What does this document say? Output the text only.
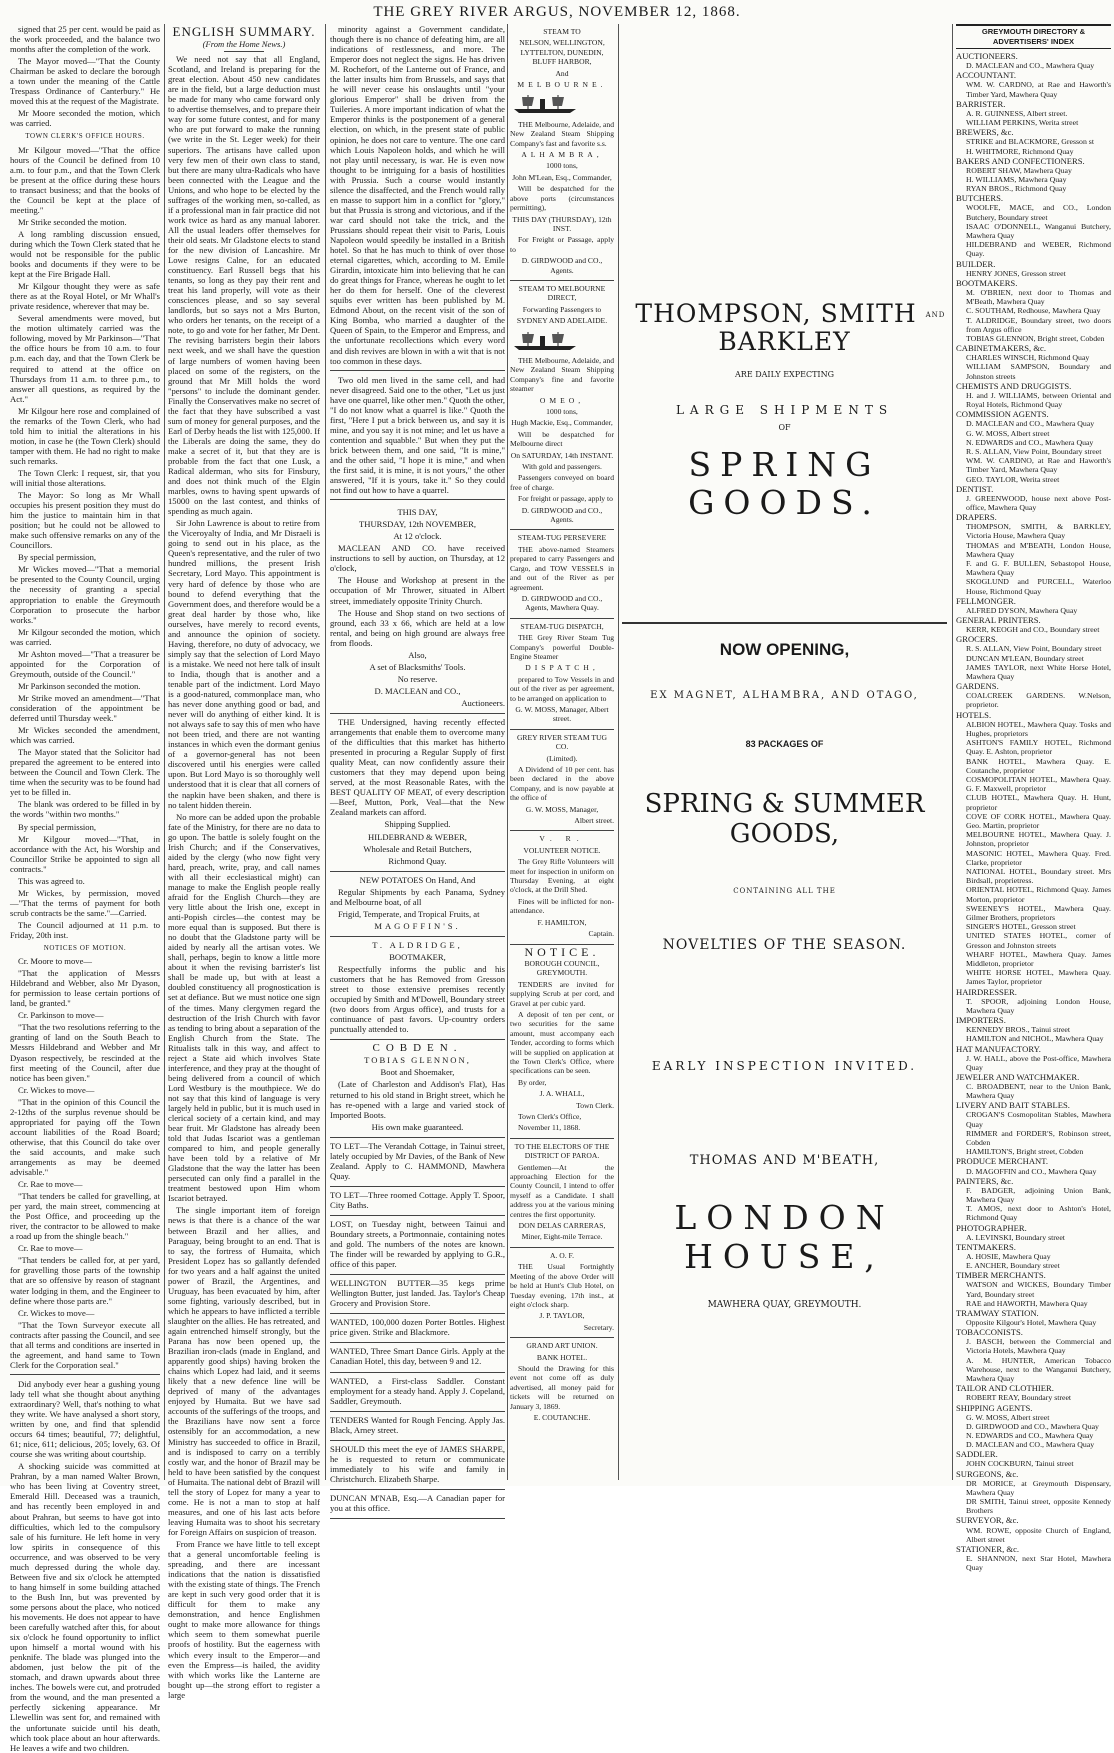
THE GREY RIVER ARGUS, NOVEMBER 12, 1868.

signed that 25 per cent. would be paid as the work proceeded, and the balance two months after the completion of the work.

The Mayor moved—"That the County Chairman be asked to declare the borough a town under the meaning of the Cattle Trespass Ordinance of Canterbury." He moved this at the request of the Magistrate.

Mr Moore seconded the motion, which was carried.

TOWN CLERK'S OFFICE HOURS.

Mr Kilgour moved—"That the office hours of the Council be defined from 10 a.m. to four p.m., and that the Town Clerk be present at the office during these hours to transact business; and that the books of the Council be kept at the place of meeting."

Mr Strike seconded the motion.

A long rambling discussion ensued, during which the Town Clerk stated that he would not be responsible for the public books and documents if they were to be kept at the Fire Brigade Hall.

Mr Kilgour thought they were as safe there as at the Royal Hotel, or Mr Whall's private residence, wherever that may be.

Several amendments were moved, but the motion ultimately carried was the following, moved by Mr Parkinson—"That the office hours be from 10 a.m. to four p.m. each day, and that the Town Clerk be required to attend at the office on Thursdays from 11 a.m. to three p.m., to answer all questions, as required by the Act."

Mr Kilgour here rose and complained of the remarks of the Town Clerk, who had told him to initial the alterations in his motion, in case he (the Town Clerk) should tamper with them. He had no right to make such remarks.

The Town Clerk: I request, sir, that you will initial those alterations.

The Mayor: So long as Mr Whall occupies his present position they must do him the justice to maintain him in that position; but he could not be allowed to make such offensive remarks on any of the Councillors.

By special permission,

Mr Wickes moved—"That a memorial be presented to the County Council, urging the necessity of granting a special appropriation to enable the Greymouth Corporation to prosecute the harbor works."

Mr Kilgour seconded the motion, which was carried.

Mr Ashton moved—"That a treasurer be appointed for the Corporation of Greymouth, outside of the Council."

Mr Parkinson seconded the motion.

Mr Strike moved an amendment—"That consideration of the appointment be deferred until Thursday week."

Mr Wickes seconded the amendment, which was carried.

The Mayor stated that the Solicitor had prepared the agreement to be entered into between the Council and Town Clerk. The time when the security was to be found had yet to be filled in.

The blank was ordered to be filled in by the words "within two months."

By special permission,

Mr Kilgour moved—"That, in accordance with the Act, his Worship and Councillor Strike be appointed to sign all contracts."

This was agreed to.

Mr Wickes, by permission, moved—"That the terms of payment for both scrub contracts be the same."—Carried.

The Council adjourned at 11 p.m. to Friday, 20th inst.

NOTICES OF MOTION.

Cr. Moore to move—

"That the application of Messrs Hildebrand and Webber, also Mr Dyason, for permission to lease certain portions of land, be granted."

Cr. Parkinson to move—

"That the two resolutions referring to the granting of land on the South Beach to Messrs Hildebrand and Webber and Mr Dyason respectively, be rescinded at the first meeting of the Council, after due notice has been given."

Cr. Wickes to move—

"That in the opinion of this Council the 2-12ths of the surplus revenue should be appropriated for paying off the Town account liabilities of the Road Board; otherwise, that this Council do take over the said accounts, and make such arrangements as may be deemed advisable."

Cr. Rae to move—

"That tenders be called for gravelling, at per yard, the main street, commencing at the Post Office, and proceeding up the river, the contractor to be allowed to make a road up from the shingle beach."

Cr. Rae to move—

"That tenders be called for, at per yard, for gravelling those parts of the township that are so offensive by reason of stagnant water lodging in them, and the Engineer to define where those parts are."

Cr. Wickes to move—

"That the Town Surveyor execute all contracts after passing the Council, and see that all terms and conditions are inserted in the agreement, and hand same to Town Clerk for the Corporation seal."

Did anybody ever hear a gushing young lady tell what she thought about anything extraordinary? Well, that's nothing to what they write. We have analysed a short story, written by one, and find that splendid occurs 64 times; beautiful, 77; delightful, 61; nice, 611; delicious, 205; lovely, 63. Of course she was writing about courtship.

A shocking suicide was committed at Prahran, by a man named Walter Brown, who has been living at Coventry street, Emerald Hill. Deceased was a traunich, and has recently been employed in and about Prahran, but seems to have got into difficulties, which led to the compulsory sale of his furniture. He left home in very low spirits in consequence of this occurrence, and was observed to be very much depressed during the whole day. Between five and six o'clock he attempted to hang himself in some building attached to the Bush Inn, but was prevented by some persons about the place, who noticed his movements. He does not appear to have been carefully watched after this, for about six o'clock he found opportunity to inflict upon himself a mortal wound with his penknife. The blade was plunged into the abdomen, just below the pit of the stomach, and drawn upwards about three inches. The bowels were cut, and protruded from the wound, and the man presented a perfectly sickening appearance. Mr Llewellin was sent for, and remained with the unfortunate suicide until his death, which took place about an hour afterwards. He leaves a wife and two children.

ENGLISH SUMMARY.

(From the Home News.)

We need not say that all England, Scotland, and Ireland is preparing for the great election. About 450 new candidates are in the field, but a large deduction must be made for many who came forward only to advertise themselves, and to prepare their way for some future contest, and for many who are put forward to make the running (we write in the St. Leger week) for their superiors. The artisans have called upon very few men of their own class to stand, but there are many ultra-Radicals who have been connected with the League and the Unions, and who hope to be elected by the suffrages of the working men, so-called, as if a professional man in fair practice did not work twice as hard as any manual laborer. All the usual leaders offer themselves for their old seats. Mr Gladstone elects to stand for the new division of Lancashire. Mr Lowe resigns Calne, for an educated constituency. Earl Russell begs that his tenants, so long as they pay their rent and treat his land properly, will vote as their consciences please, and so say several landlords, but so says not a Mrs Burton, who orders her tenants, on the receipt of a note, to go and vote for her father, Mr Dent. The revising barristers begin their labors next week, and we shall have the question of large numbers of women having been placed on some of the registers, on the ground that Mr Mill holds the word "persons" to include the dominant gender. Finally the Conservatives make no secret of the fact that they have subscribed a vast sum of money for general purposes, and the Earl of Derby heads the list with 125,000. If the Liberals are doing the same, they do make a secret of it, but that they are is probable from the fact that one Lusk, a Radical alderman, who sits for Finsbury, and does not think much of the Elgin marbles, owns to having spent upwards of 15000 on the last contest, and thinks of spending as much again.

Sir John Lawrence is about to retire from the Viceroyalty of India, and Mr Disraeli is going to send out in his place, as the Queen's representative, and the ruler of two hundred millions, the present Irish Secretary, Lord Mayo. This appointment is very hard of defence by those who are bound to defend everything that the Government does, and therefore would be a great deal harder by those who, like ourselves, have merely to record events, and announce the opinion of society. Having, therefore, no duty of advocacy, we simply say that the selection of Lord Mayo is a mistake. We need not here talk of insult to India, though that is another and a tenable part of the indictment. Lord Mayo is a good-natured, commonplace man, who has never done anything good or bad, and never will do anything of either kind. It is not always safe to say this of men who have not been tried, and there are not wanting instances in which even the dormant genius of a governor-general has not been discovered until his energies were called upon. But Lord Mayo is so thoroughly well understood that it is clear that all corners of the napkin have been shaken, and there is no talent hidden therein.

No more can be added upon the probable fate of the Ministry, for there are no data to go upon. The battle is solely fought on the Irish Church; and if the Conservatives, aided by the clergy (who now fight very hard, preach, write, pray, and call names with all their ecclesiastical might) can manage to make the English people really afraid for the English Church—they are very little about the Irish one, except in anti-Popish circles—the contest may be more equal than is supposed. But there is no doubt that the Gladstone party will be aided by nearly all the artisan votes. We shall, perhaps, begin to know a little more about it when the revising barrister's list shall be made up, but with at least a doubled constituency all prognostication is set at defiance. But we must notice one sign of the times. Many clergymen regard the destruction of the Irish Church with favor as tending to bring about a separation of the English Church from the State. The Ritualists talk in this way, and affect to reject a State aid which involves State interference, and they pray at the thought of being delivered from a council of which Lord Westbury is the mouthpiece. We do not say that this kind of language is very largely held in public, but it is much used in clerical society of a certain kind, and may bear fruit. Mr Gladstone has already been told that Judas Iscariot was a gentleman compared to him, and people generally have been told by a relative of Mr Gladstone that the way the latter has been persecuted can only find a parallel in the treatment bestowed upon Him whom Iscariot betrayed.

The single important item of foreign news is that there is a chance of the war between Brazil and her allies, and Paraguay, being brought to an end. That is to say, the fortress of Humaita, which President Lopez has so gallantly defended for two years and a half against the united power of Brazil, the Argentines, and Uruguay, has been evacuated by him, after some fighting, variously described, but in which he appears to have inflicted a terrible slaughter on the allies. He has retreated, and again entrenched himself strongly, but the Parana has now been opened up, the Brazilian iron-clads (made in England, and apparently good ships) having broken the chains which Lopez had laid, and it seems likely that a new defence line will be deprived of many of the advantages enjoyed by Humaita. But we have sad accounts of the sufferings of the troops, and the Brazilians have now sent a force ostensibly for an accommodation, a new Ministry has succeeded to office in Brazil, and is indisposed to carry on a terribly costly war, and the honor of Brazil may be held to have been satisfied by the conquest of Humaita. The national debt of Brazil will tell the story of Lopez for many a year to come. He is not a man to stop at half measures, and one of his last acts before leaving Humaita was to shoot his secretary for Foreign Affairs on suspicion of treason.

From France we have little to tell except that a general uncomfortable feeling is spreading, and there are incessant indications that the nation is dissatisfied with the existing state of things. The French are kept in such very good order that it is difficult for them to make any demonstration, and hence Englishmen ought to make more allowance for things which seem to them somewhat puerile proofs of hostility. But the eagerness with which every insult to the Emperor—and even the Empress—is hailed, the avidity with which works like the Lanterne are bought up—the strong effort to register a large

minority against a Government candidate, though there is no chance of defeating him, are all indications of restlessness, and more. The Emperor does not neglect the signs. He has driven M. Rochefort, of the Lanterne out of France, and the latter insults him from Brussels, and says that he will never cease his onslaughts until "your glorious Emperor" shall be driven from the Tuileries. A more important indication of what the Emperor thinks is the postponement of a general election, on which, in the present state of public opinion, he does not care to venture. The one card which Louis Napoleon holds, and which he will not play until necessary, is war. He is even now thought to be intriguing for a basis of hostilities with Prussia. Such a course would instantly silence the disaffected, and the French would rally en masse to support him in a conflict for "glory," but that Prussia is strong and victorious, and if the war card should not take the trick, and the Prussians should repeat their visit to Paris, Louis Napoleon would speedily be installed in a British hotel. So that he has much to think of over those eternal cigarettes, which, according to M. Emile Girardin, intoxicate him into believing that he can do great things for France, whereas he ought to let her do them for herself. One of the cleverest squibs ever written has been published by M. Edmond About, on the recent visit of the son of King Bomba, who married a daughter of the Queen of Spain, to the Emperor and Empress, and the unfortunate recollections which every word and dish revives are blown in with a wit that is not too common in these days.

Two old men lived in the same cell, and had never disagreed. Said one to the other, "Let us just have one quarrel, like other men." Quoth the other, "I do not know what a quarrel is like." Quoth the first, "Here I put a brick between us, and say it is mine, and you say it is not mine; and let us have a contention and squabble." But when they put the brick between them, and one said, "It is mine," and the other said, "I hope it is mine," and when the first said, it is mine, it is not yours," the other answered, "If it is yours, take it." So they could not find out how to have a quarrel.

THIS DAY,

THURSDAY, 12th NOVEMBER,

At 12 o'clock.

MACLEAN AND CO. have received instructions to sell by auction, on Thursday, at 12 o'clock,

The House and Workshop at present in the occupation of Mr Thrower, situated in Albert street, immediately opposite Trinity Church.

The House and Shop stand on two sections of ground, each 33 x 66, which are held at a low rental, and being on high ground are always free from floods.

Also,

A set of Blacksmiths' Tools.

No reserve.

D. MACLEAN and CO.,

Auctioneers.

THE Undersigned, having recently effected arrangements that enable them to overcome many of the difficulties that this market has hitherto presented in procuring a Regular Supply of first quality Meat, can now confidently assure their customers that they may depend upon being served, at the most Reasonable Rates, with the BEST QUALITY OF MEAT, of every description—Beef, Mutton, Pork, Veal—that the New Zealand markets can afford.

Shipping Supplied.

HILDEBRAND & WEBER,

Wholesale and Retail Butchers,

Richmond Quay.

NEW POTATOES On Hand, And

Regular Shipments by each Panama, Sydney and Melbourne boat, of all

Frigid, Temperate, and Tropical Fruits, at

MAGOFFIN'S.

T. ALDRIDGE,

BOOTMAKER,

Respectfully informs the public and his customers that he has Removed from Gresson street to those extensive premises recently occupied by Smith and M'Dowell, Boundary street (two doors from Argus office), and trusts for a continuance of past favors. Up-country orders punctually attended to.

COBDEN.

TOBIAS GLENNON,

Boot and Shoemaker,

(Late of Charleston and Addison's Flat), Has returned to his old stand in Bright street, which he has re-opened with a large and varied stock of Imported Boots.

His own make guaranteed.

TO LET—The Verandah Cottage, in Tainui street, lately occupied by Mr Davies, of the Bank of New Zealand. Apply to C. HAMMOND, Mawhera Quay.

TO LET—Three roomed Cottage. Apply T. Spoor, City Baths.

LOST, on Tuesday night, between Tainui and Boundary streets, a Portmonnaie, containing notes and gold. The numbers of the notes are known. The finder will be rewarded by applying to G.R., office of this paper.

WELLINGTON BUTTER—35 kegs prime Wellington Butter, just landed. Jas. Taylor's Cheap Grocery and Provision Store.

WANTED, 100,000 dozen Porter Bottles. Highest price given. Strike and Blackmore.

WANTED, Three Smart Dance Girls. Apply at the Canadian Hotel, this day, between 9 and 12.

WANTED, a First-class Saddler. Constant employment for a steady hand. Apply J. Copeland, Saddler, Greymouth.

TENDERS Wanted for Rough Fencing. Apply Jas. Black, Arney street.

SHOULD this meet the eye of JAMES SHARPE, he is requested to return or communicate immediately to his wife and family in Christchurch. Elizabeth Sharpe.

DUNCAN M'NAB, Esq.—A Canadian paper for you at this office.

STEAM TO

NELSON, WELLINGTON, LYTTELTON, DUNEDIN, BLUFF HARBOR,

And

MELBOURNE.

THE Melbourne, Adelaide, and New Zealand Steam Shipping Company's fast and favorite s.s.

ALHAMBRA,

1000 tons,

John M'Lean, Esq., Commander,

Will be despatched for the above ports (circumstances permitting),

THIS DAY (THURSDAY), 12th INST.

For Freight or Passage, apply to

D. GIRDWOOD and CO., Agents.

STEAM TO MELBOURNE DIRECT,

Forwarding Passengers to

SYDNEY AND ADELAIDE.

THE Melbourne, Adelaide, and New Zealand Steam Shipping Company's fine and favorite steamer

OMEO,

1000 tons,

Hugh Mackie, Esq., Commander,

Will be despatched for Melbourne direct

On SATURDAY, 14th INSTANT.

With gold and passengers.

Passengers conveyed on board free of charge.

For freight or passage, apply to

D. GIRDWOOD and CO., Agents.

STEAM-TUG PERSEVERE

THE above-named Steamers prepared to carry Passengers and Cargo, and TOW VESSELS in and out of the River as per agreement.

D. GIRDWOOD and CO., Agents, Mawhera Quay.

STEAM-TUG DISPATCH,

THE Grey River Steam Tug Company's powerful Double-Engine Steamer

DISPATCH,

prepared to Tow Vessels in and out of the river as per agreement, to be arranged on application to

G. W. MOSS, Manager, Albert street.

GREY RIVER STEAM TUG CO.

(Limited).

A Dividend of 10 per cent. has been declared in the above Company, and is now payable at the office of

G. W. MOSS, Manager,

Albert street.

V. R.

VOLUNTEER NOTICE.

The Grey Rifle Volunteers will meet for inspection in uniform on Thursday Evening, at eight o'clock, at the Drill Shed.

Fines will be inflicted for non-attendance.

F. HAMILTON,

Captain.

NOTICE.

BOROUGH COUNCIL, GREYMOUTH.

TENDERS are invited for supplying Scrub at per cord, and Gravel at per cubic yard.

A deposit of ten per cent, or two securities for the same amount, must accompany each Tender, according to forms which will be supplied on application at the Town Clerk's Office, where specifications can be seen.

By order,

J. A. WHALL,

Town Clerk.

Town Clerk's Office,

November 11, 1868.

TO THE ELECTORS OF THE DISTRICT OF PAROA.

Gentlemen—At the approaching Election for the County Council, I intend to offer myself as a Candidate. I shall address you at the various mining centres the first opportunity.

DON DELAS CARRERAS,

Miner, Eight-mile Terrace.

A. O. F.

THE Usual Fortnightly Meeting of the above Order will be held at Hunt's Club Hotel, on Tuesday evening, 17th inst., at eight o'clock sharp.

J. P. TAYLOR,

Secretary.

GRAND ART UNION.

BANK HOTEL.

Should the Drawing for this event not come off as duly advertised, all money paid for tickets will be returned on January 3, 1869.

E. COUTANCHE.

THOMPSON, SMITH AND BARKLEY
ARE DAILY EXPECTING
LARGE SHIPMENTS
OF
SPRING GOODS.
NOW OPENING,
EX MAGNET, ALHAMBRA, AND OTAGO,
83 PACKAGES OF
SPRING & SUMMER GOODS,
CONTAINING ALL THE
NOVELTIES OF THE SEASON.
EARLY INSPECTION INVITED.
THOMAS AND M'BEATH,
LONDON HOUSE,
MAWHERA QUAY, GREYMOUTH.
GREYMOUTH DIRECTORY & ADVERTISERS' INDEX

AUCTIONEERS.

D. MACLEAN and CO., Mawhera Quay

ACCOUNTANT.

WM. W. CARDNO, at Rae and Haworth's Timber Yard, Mawhera Quay

BARRISTER.

A. R. GUINNESS, Albert street.

WILLIAM PERKINS, Werita street

BREWERS, &c.

STRIKE and BLACKMORE, Gresson st

H. WHITMORE, Richmond Quay

BAKERS AND CONFECTIONERS.

ROBERT SHAW, Mawhera Quay

H. WILLIAMS, Mawhera Quay

RYAN BROS., Richmond Quay

BUTCHERS.

WOOLFE, MACE, and CO., London Butchery, Boundary street

ISAAC O'DONNELL, Wanganui Butchery, Mawhera Quay

HILDEBRAND and WEBER, Richmond Quay.

BUILDER.

HENRY JONES, Gresson street

BOOTMAKERS.

M. O'BRIEN, next door to Thomas and M'Beath, Mawhera Quay

C. SOUTHAM, Redhouse, Mawhera Quay

T. ALDRIDGE, Boundary street, two doors from Argus office

TOBIAS GLENNON, Bright street, Cobden

CABINETMAKERS, &c.

CHARLES WINSCH, Richmond Quay

WILLIAM SAMPSON, Boundary and Johnston streets

CHEMISTS AND DRUGGISTS.

H. and J. WILLIAMS, between Oriental and Royal Hotels, Richmond Quay

COMMISSION AGENTS.

D. MACLEAN and CO., Mawhera Quay

G. W. MOSS, Albert street

N. EDWARDS and CO., Mawhera Quay

R. S. ALLAN, View Point, Boundary street

WM. W. CARDNO, at Rae and Haworth's Timber Yard, Mawhera Quay

GEO. TAYLOR, Werita street

DENTIST.

J. GREENWOOD, house next above Post-office, Mawhera Quay

DRAPERS.

THOMPSON, SMITH, & BARKLEY, Victoria House, Mawhera Quay

THOMAS and M'BEATH, London House, Mawhera Quay

F. and G. F. BULLEN, Sebastopol House, Mawhera Quay

SKOGLUND and PURCELL, Waterloo House, Richmond Quay

FELLMONGER.

ALFRED DYSON, Mawhera Quay

GENERAL PRINTERS.

KERR, KEOGH and CO., Boundary street

GROCERS.

R. S. ALLAN, View Point, Boundary street

DUNCAN M'LEAN, Boundary street

JAMES TAYLOR, next White Horse Hotel, Mawhera Quay

GARDENS.

COALCREEK GARDENS. W.Nelson, proprietor.

HOTELS.

ALBION HOTEL, Mawhera Quay. Tosks and Hughes, proprietors

ASHTON'S FAMILY HOTEL, Richmond Quay. E. Ashton, proprietor

BANK HOTEL, Mawhera Quay. E. Coutanche, proprietor

COSMOPOLITAN HOTEL, Mawhera Quay. G. F. Maxwell, proprietor

CLUB HOTEL, Mawhera Quay. H. Hunt, proprietor

COVE OF CORK HOTEL, Mawhera Quay. Geo. Martin, proprietor

MELBOURNE HOTEL, Mawhera Quay. J. Johnston, proprietor

MASONIC HOTEL, Mawhera Quay. Fred. Clarke, proprietor

NATIONAL HOTEL, Boundary street. Mrs Birdsall, proprietress.

ORIENTAL HOTEL, Richmond Quay. James Morton, proprietor

SWEENEY'S HOTEL, Mawhera Quay. Gilmer Brothers, proprietors

SINGER'S HOTEL, Gresson street

UNITED STATES HOTEL, corner of Gresson and Johnston streets

WHARF HOTEL, Mawhera Quay. James Middleton, proprietor

WHITE HORSE HOTEL, Mawhera Quay. James Taylor, proprietor

HAIRDRESSER.

T. SPOOR, adjoining London House, Mawhera Quay

IMPORTERS.

KENNEDY BROS., Tainui street

HAMILTON and NICHOL, Mawhera Quay

HAT MANUFACTORY.

J. W. HALL, above the Post-office, Mawhera Quay

JEWELER AND WATCHMAKER.

C. BROADBENT, near to the Union Bank, Mawhera Quay

LIVERY AND BAIT STABLES.

CROGAN'S Cosmopolitan Stables, Mawhera Quay

RIMMER and FORDER'S, Robinson street, Cobden

HAMILTON'S, Bright street, Cobden

PRODUCE MERCHANT.

D. MAGOFFIN and CO., Mawhera Quay

PAINTERS, &c.

F. BADGER, adjoining Union Bank, Mawhera Quay

T. AMOS, next door to Ashton's Hotel, Richmond Quay

PHOTOGRAPHER.

A. LEVINSKI, Boundary street

TENTMAKERS.

A. HOSIE, Mawhera Quay

E. ANCHER, Boundary street

TIMBER MERCHANTS.

WATSON and WICKES, Boundary Timber Yard, Boundary street

RAE and HAWORTH, Mawhera Quay

TRAMWAY STATION.

Opposite Kilgour's Hotel, Mawhera Quay

TOBACCONISTS.

J. BASCH, between the Commercial and Victoria Hotels, Mawhera Quay

A. M. HUNTER, American Tobacco Warehouse, next to the Wanganui Butchery, Mawhera Quay

TAILOR AND CLOTHIER.

ROBERT REAY, Boundary street

SHIPPING AGENTS.

G. W. MOSS, Albert street

D. GIRDWOOD and CO., Mawhera Quay

N. EDWARDS and CO., Mawhera Quay

D. MACLEAN and CO., Mawhera Quay

SADDLER.

JOHN COCKBURN, Tainui street

SURGEONS, &c.

DR MORICE, at Greymouth Dispensary, Mawhera Quay

DR SMITH, Tainui street, opposite Kennedy Brothers

SURVEYOR, &c.

WM. ROWE, opposite Church of England, Albert street

STATIONER, &c.

E. SHANNON, next Star Hotel, Mawhera Quay
